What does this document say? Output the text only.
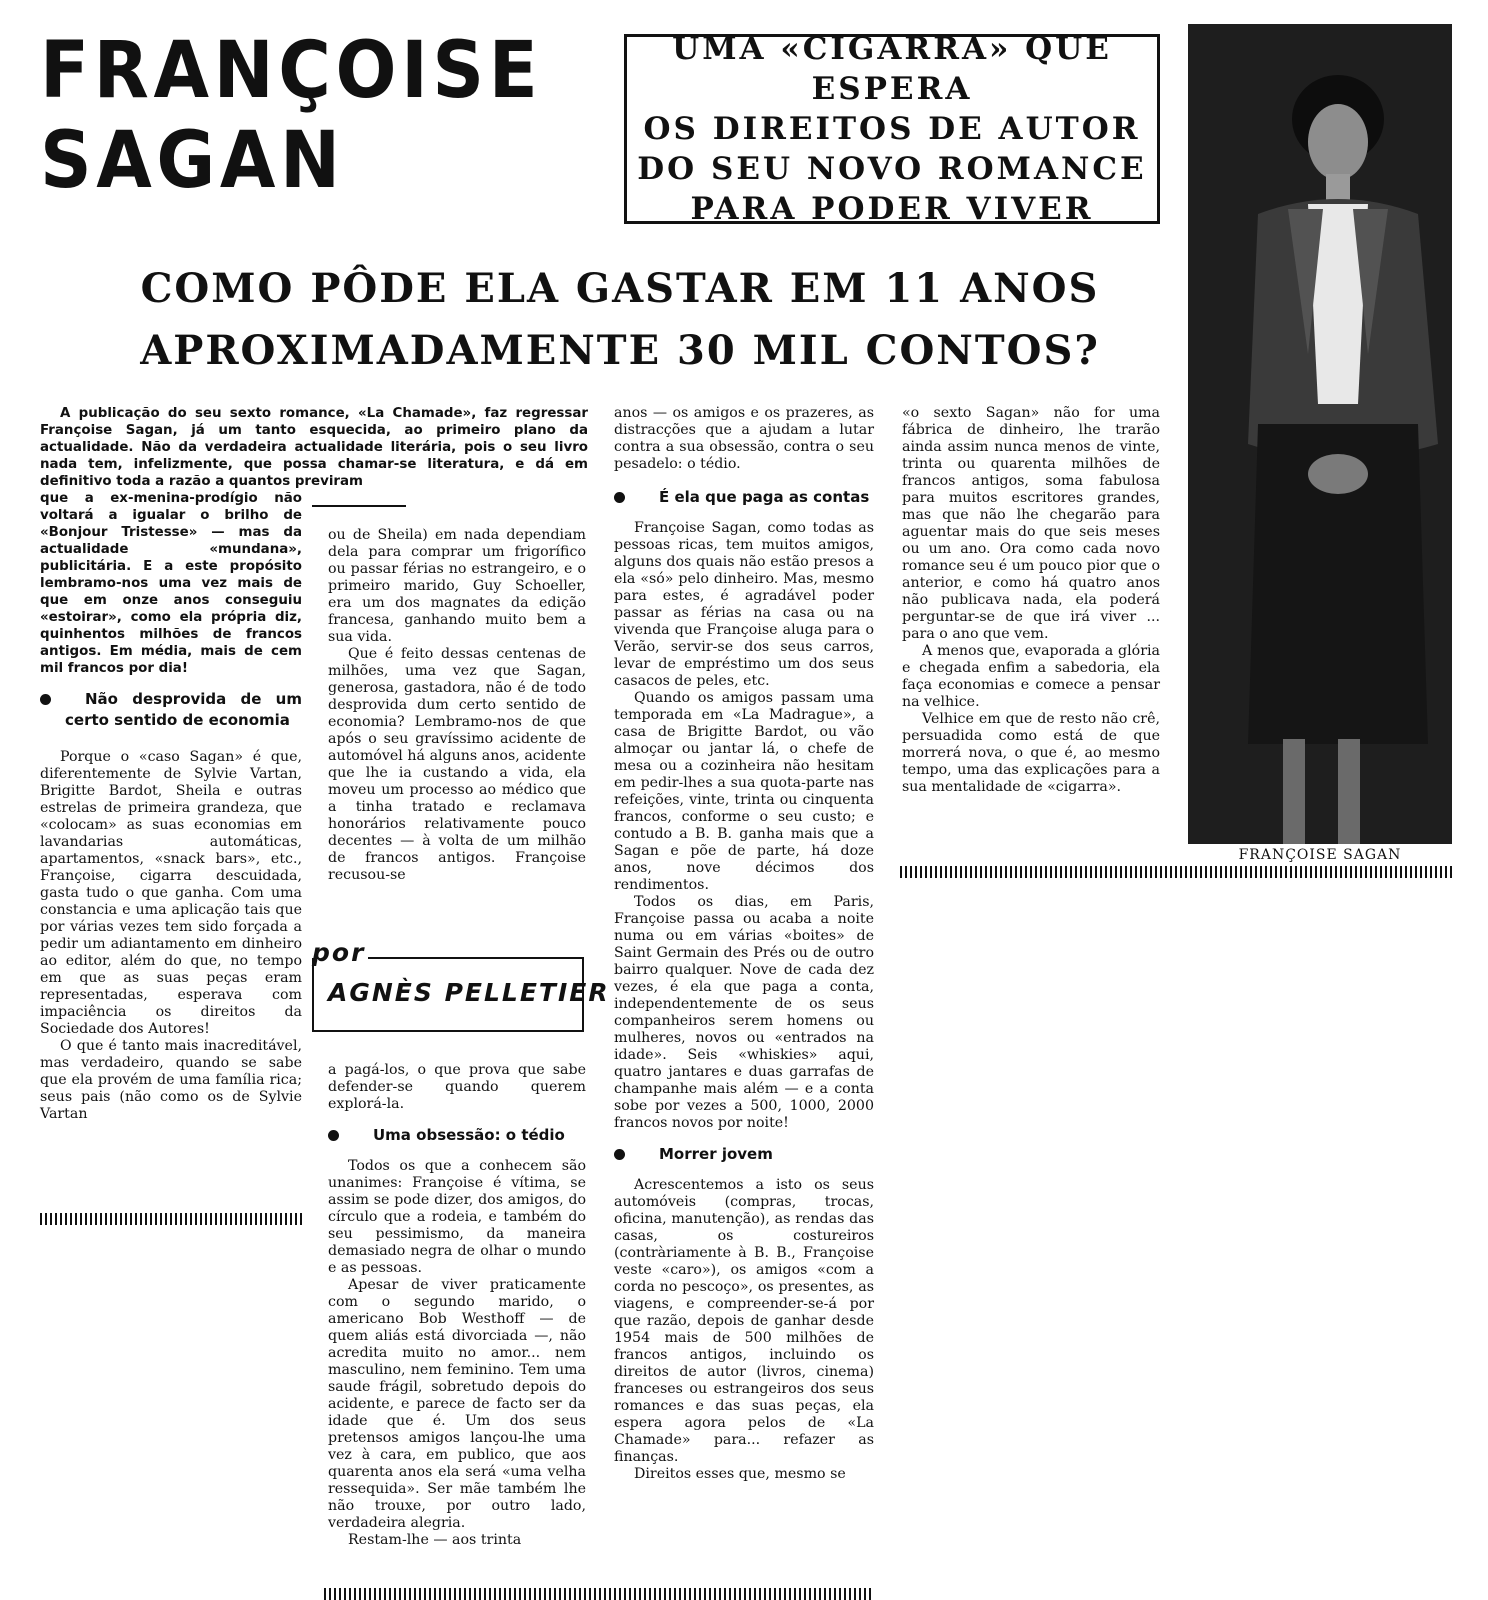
FRANÇOISE
SAGAN

UMA «CIGARRA» QUE ESPERA
OS DIREITOS DE AUTOR
DO SEU NOVO ROMANCE
PARA PODER VIVER

FRANÇOISE SAGAN

COMO PÔDE ELA GASTAR EM 11 ANOS
APROXIMADAMENTE 30 MIL CONTOS?

A publicação do seu sexto romance, «La Chamade», faz regressar Françoise Sagan, já um tanto esquecida, ao primeiro plano da actualidade. Não da verdadeira actualidade literária, pois o seu livro nada tem, infelizmente, que possa chamar-se literatura, e dá em definitivo toda a razão a quantos previram

que a ex-menina-prodígio não voltará a igualar o brilho de «Bonjour Tristesse» — mas da actualidade «mundana», publicitária. E a este propósito lembramo-nos uma vez mais de que em onze anos conseguiu «estoirar», como ela própria diz, quinhentos milhões de francos antigos. Em média, mais de cem mil francos por dia!

Não desprovida de um certo sentido de economia

Porque o «caso Sagan» é que, diferentemente de Sylvie Vartan, Brigitte Bardot, Sheila e outras estrelas de primeira grandeza, que «colocam» as suas economias em lavandarias automáticas, apartamentos, «snack bars», etc., Françoise, cigarra descuidada, gasta tudo o que ganha. Com uma constancia e uma aplicação tais que por várias vezes tem sido forçada a pedir um adiantamento em dinheiro ao editor, além do que, no tempo em que as suas peças eram representadas, esperava com impaciência os direitos da Sociedade dos Autores!

O que é tanto mais inacreditável, mas verdadeiro, quando se sabe que ela provém de uma família rica; seus pais (não como os de Sylvie Vartan

ou de Sheila) em nada dependiam dela para comprar um frigorífico ou passar férias no estrangeiro, e o primeiro marido, Guy Schoeller, era um dos magnates da edição francesa, ganhando muito bem a sua vida.

Que é feito dessas centenas de milhões, uma vez que Sagan, generosa, gastadora, não é de todo desprovida dum certo sentido de economia? Lembramo-nos de que após o seu gravíssimo acidente de automóvel há alguns anos, acidente que lhe ia custando a vida, ela moveu um processo ao médico que a tinha tratado e reclamava honorários relativamente pouco decentes — à volta de um milhão de francos antigos. Françoise recusou-se

por

AGNÈS PELLETIER

a pagá-los, o que prova que sabe defender-se quando querem explorá-la.

Uma obsessão: o tédio

Todos os que a conhecem são unanimes: Françoise é vítima, se assim se pode dizer, dos amigos, do círculo que a rodeia, e também do seu pessimismo, da maneira demasiado negra de olhar o mundo e as pessoas.

Apesar de viver praticamente com o segundo marido, o americano Bob Westhoff — de quem aliás está divorciada —, não acredita muito no amor... nem masculino, nem feminino. Tem uma saude frágil, sobretudo depois do acidente, e parece de facto ser da idade que é. Um dos seus pretensos amigos lançou-lhe uma vez à cara, em publico, que aos quarenta anos ela será «uma velha ressequida». Ser mãe também lhe não trouxe, por outro lado, verdadeira alegria.

Restam-lhe — aos trinta

anos — os amigos e os prazeres, as distracções que a ajudam a lutar contra a sua obsessão, contra o seu pesadelo: o tédio.

É ela que paga as contas

Françoise Sagan, como todas as pessoas ricas, tem muitos amigos, alguns dos quais não estão presos a ela «só» pelo dinheiro. Mas, mesmo para estes, é agradável poder passar as férias na casa ou na vivenda que Françoise aluga para o Verão, servir-se dos seus carros, levar de empréstimo um dos seus casacos de peles, etc.

Quando os amigos passam uma temporada em «La Madrague», a casa de Brigitte Bardot, ou vão almoçar ou jantar lá, o chefe de mesa ou a cozinheira não hesitam em pedir-lhes a sua quota-parte nas refeições, vinte, trinta ou cinquenta francos, conforme o seu custo; e contudo a B. B. ganha mais que a Sagan e põe de parte, há doze anos, nove décimos dos rendimentos.

Todos os dias, em Paris, Françoise passa ou acaba a noite numa ou em várias «boites» de Saint Germain des Prés ou de outro bairro qualquer. Nove de cada dez vezes, é ela que paga a conta, independentemente de os seus companheiros serem homens ou mulheres, novos ou «entrados na idade». Seis «whiskies» aqui, quatro jantares e duas garrafas de champanhe mais além — e a conta sobe por vezes a 500, 1000, 2000 francos novos por noite!

Morrer jovem

Acrescentemos a isto os seus automóveis (compras, trocas, oficina, manutenção), as rendas das casas, os costureiros (contràriamente à B. B., Françoise veste «caro»), os amigos «com a corda no pescoço», os presentes, as viagens, e compreender-se-á por que razão, depois de ganhar desde 1954 mais de 500 milhões de francos antigos, incluindo os direitos de autor (livros, cinema) franceses ou estrangeiros dos seus romances e das suas peças, ela espera agora pelos de «La Chamade» para... refazer as finanças.

Direitos esses que, mesmo se

«o sexto Sagan» não for uma fábrica de dinheiro, lhe trarão ainda assim nunca menos de vinte, trinta ou quarenta milhões de francos antigos, soma fabulosa para muitos escritores grandes, mas que não lhe chegarão para aguentar mais do que seis meses ou um ano. Ora como cada novo romance seu é um pouco pior que o anterior, e como há quatro anos não publicava nada, ela poderá perguntar-se de que irá viver ... para o ano que vem.

A menos que, evaporada a glória e chegada enfim a sabedoria, ela faça economias e comece a pensar na velhice.

Velhice em que de resto não crê, persuadida como está de que morrerá nova, o que é, ao mesmo tempo, uma das explicações para a sua mentalidade de «cigarra».
